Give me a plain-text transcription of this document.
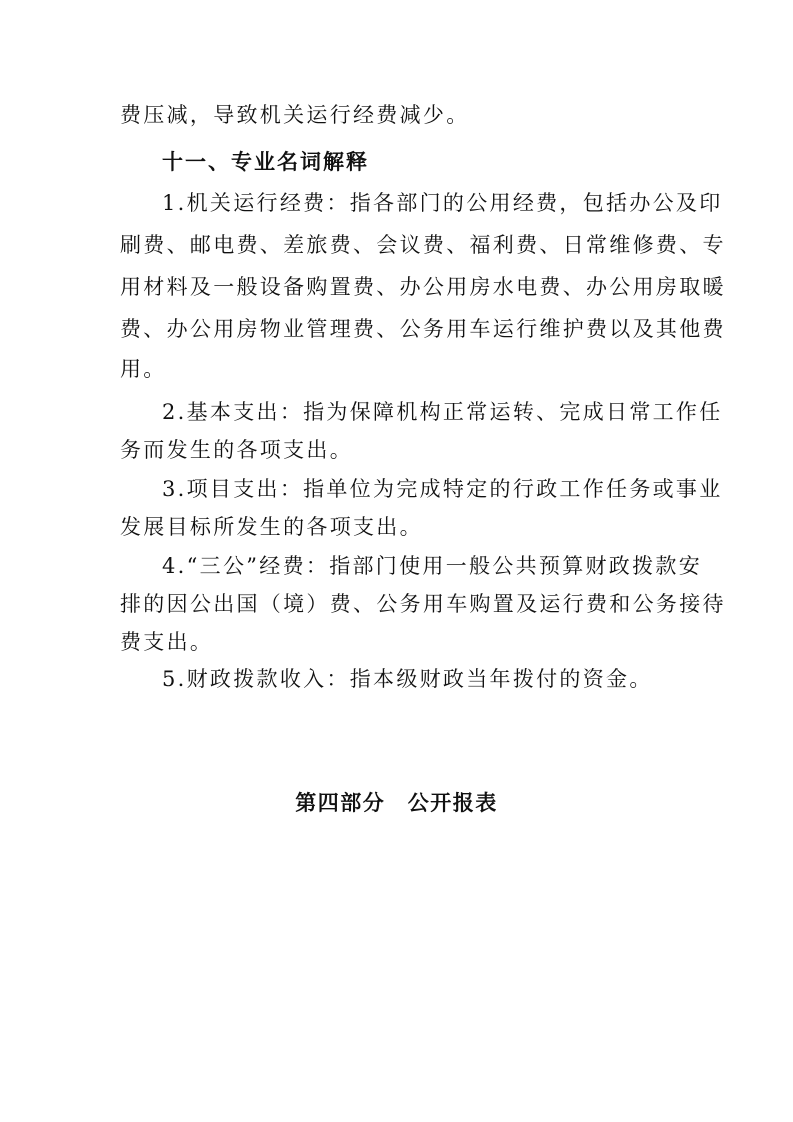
费压减，导致机关运行经费减少。
十一、专业名词解释
1.机关运行经费：指各部门的公用经费，包括办公及印
刷费、邮电费、差旅费、会议费、福利费、日常维修费、专
用材料及一般设备购置费、办公用房水电费、办公用房取暖
费、办公用房物业管理费、公务用车运行维护费以及其他费
用。
2.基本支出：指为保障机构正常运转、完成日常工作任
务而发生的各项支出。
3.项目支出：指单位为完成特定的行政工作任务或事业
发展目标所发生的各项支出。
4.“三公”经费：指部门使用一般公共预算财政拨款安
排的因公出国（境）费、公务用车购置及运行费和公务接待
费支出。
5.财政拨款收入：指本级财政当年拨付的资金。
第四部分　公开报表
